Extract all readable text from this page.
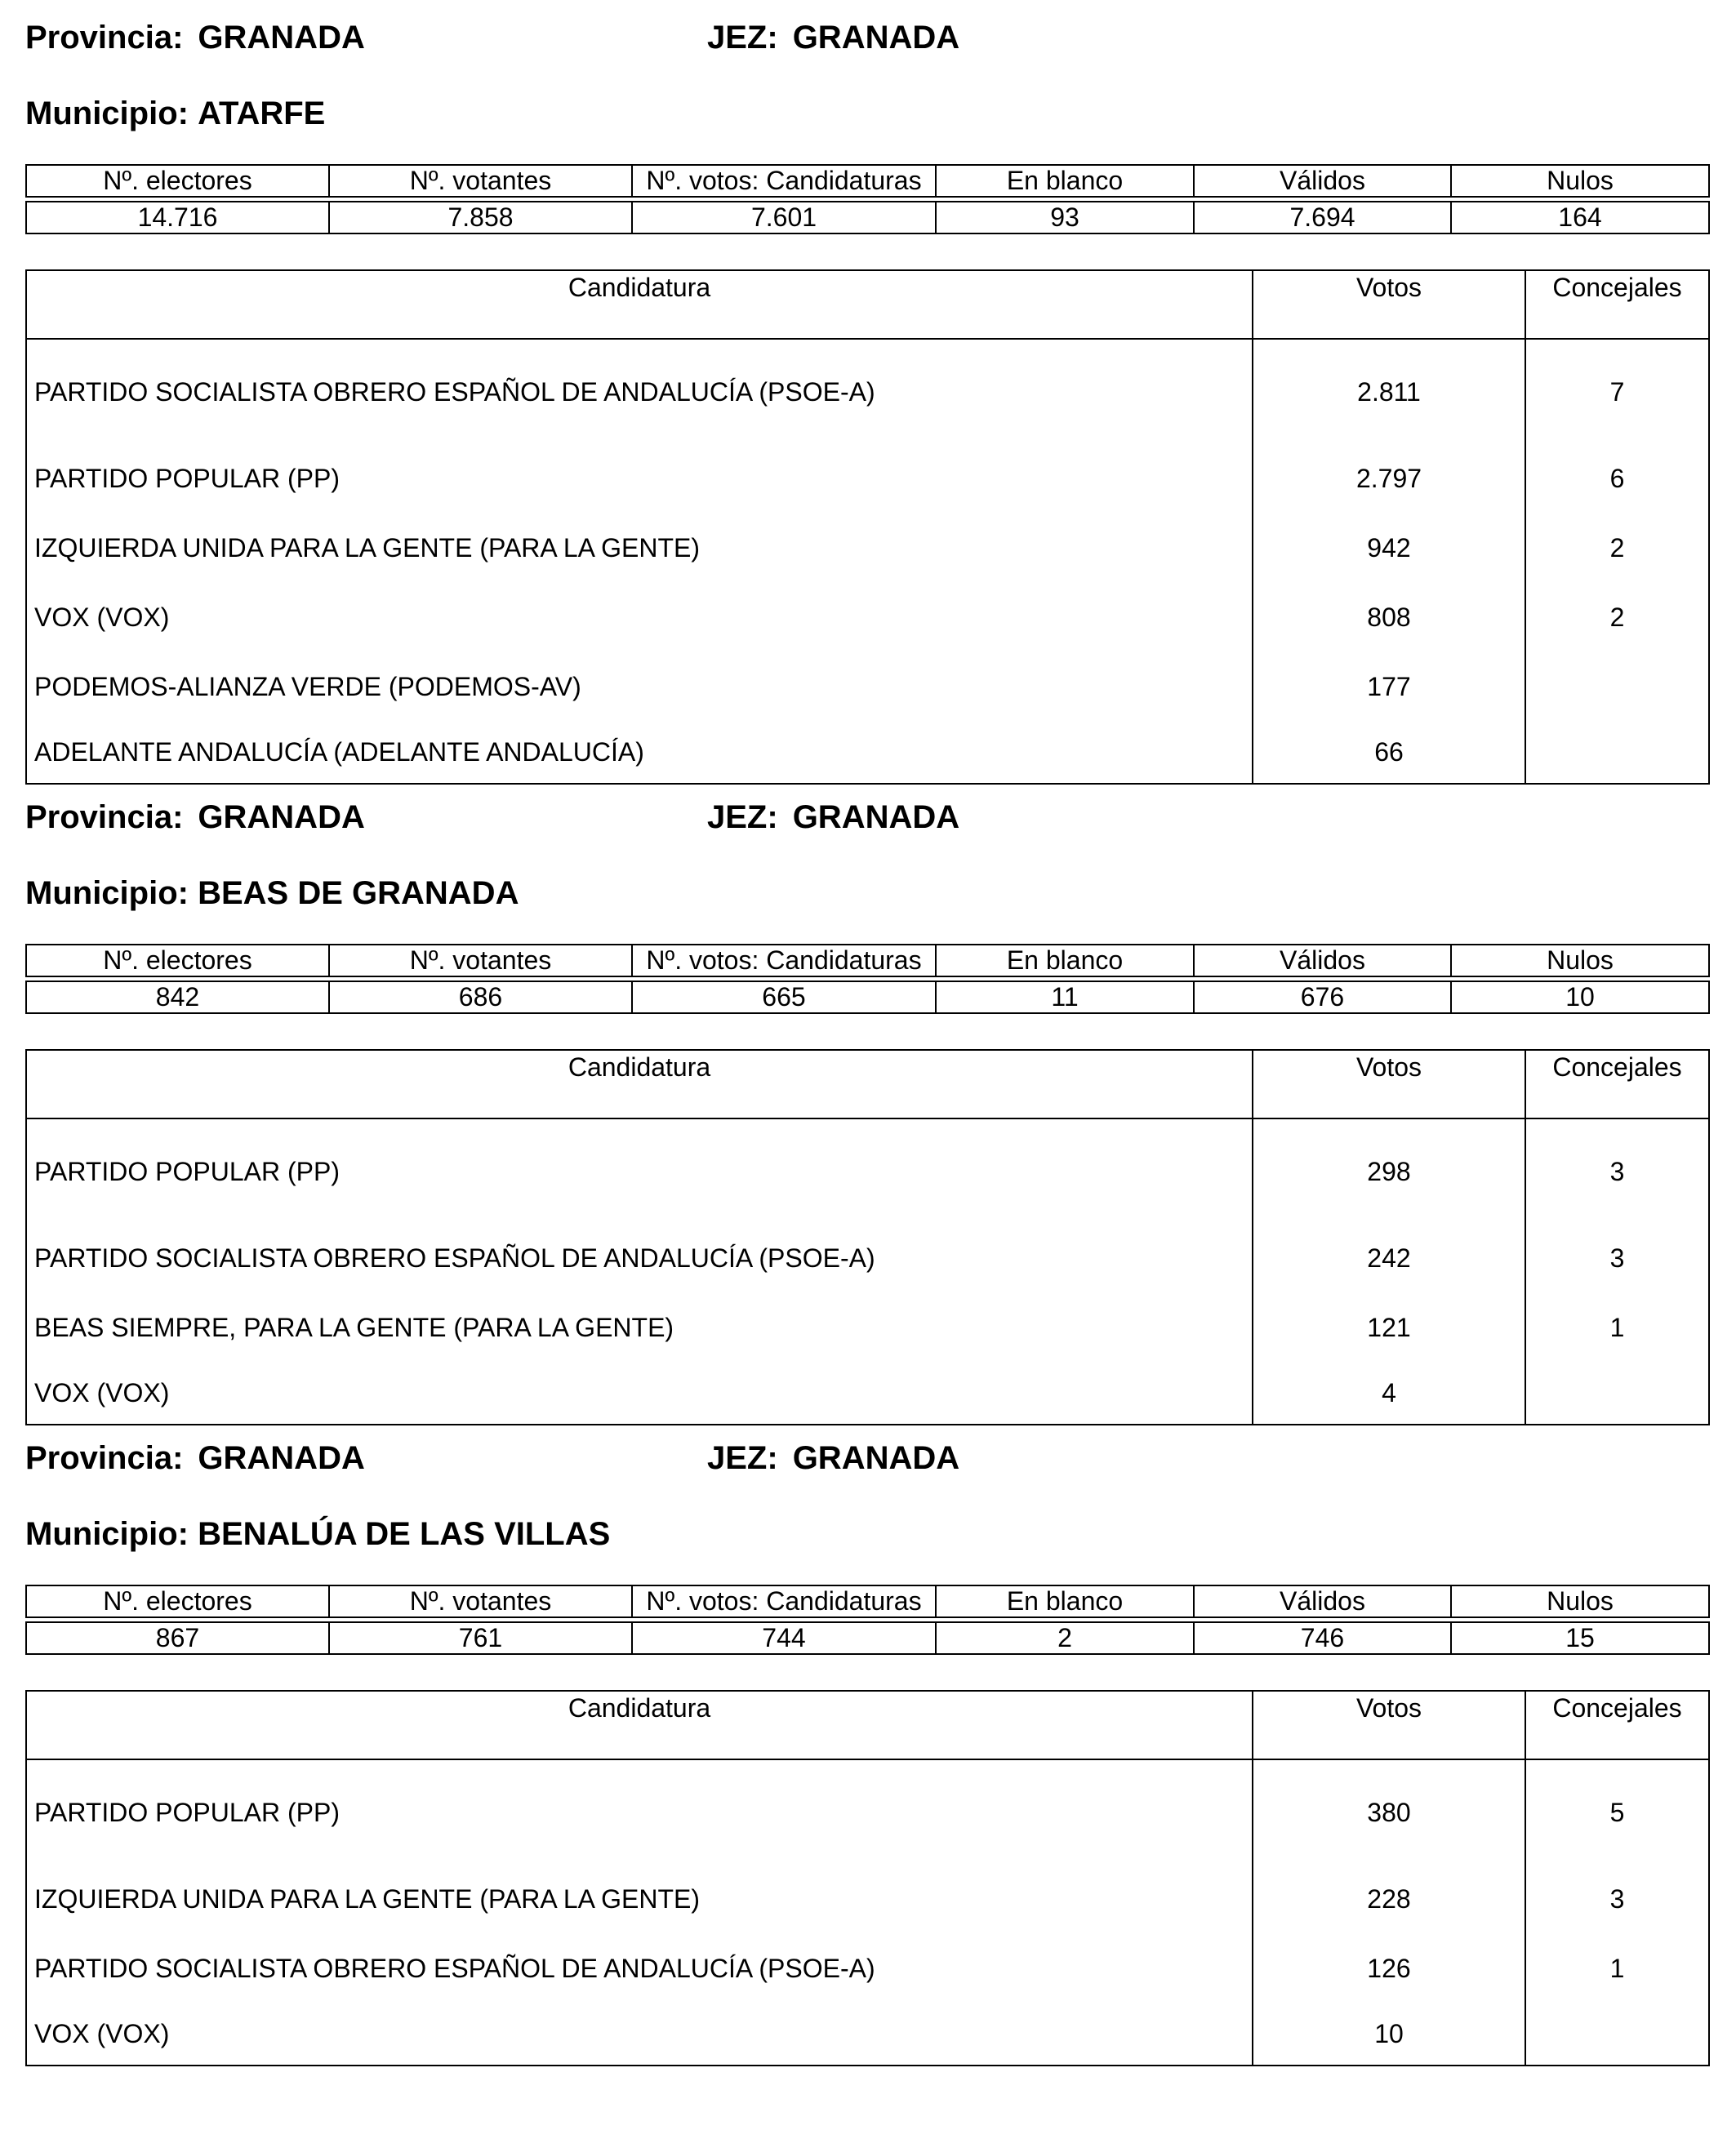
Provincia: GRANADA	JEZ: GRANADA
Municipio: ATARFE
Nº. electores	Nº. votantes	Nº. votos: Candidaturas	En blanco	Válidos	Nulos

14.716	7.858	7.601	93	7.694	164
Candidatura	Votos	Concejales
PARTIDO SOCIALISTA OBRERO ESPAÑOL DE ANDALUCÍA (PSOE-A)	2.811	7
PARTIDO POPULAR (PP)	2.797	6
IZQUIERDA UNIDA PARA LA GENTE (PARA LA GENTE)	942	2
VOX (VOX)	808	2
PODEMOS-ALIANZA VERDE (PODEMOS-AV)	177	
ADELANTE ANDALUCÍA (ADELANTE ANDALUCÍA)	66	
Provincia: GRANADA	JEZ: GRANADA
Municipio: BEAS DE GRANADA
Nº. electores	Nº. votantes	Nº. votos: Candidaturas	En blanco	Válidos	Nulos

842	686	665	11	676	10
Candidatura	Votos	Concejales
PARTIDO POPULAR (PP)	298	3
PARTIDO SOCIALISTA OBRERO ESPAÑOL DE ANDALUCÍA (PSOE-A)	242	3
BEAS SIEMPRE, PARA LA GENTE (PARA LA GENTE)	121	1
VOX (VOX)	4	
Provincia: GRANADA	JEZ: GRANADA
Municipio: BENALÚA DE LAS VILLAS
Nº. electores	Nº. votantes	Nº. votos: Candidaturas	En blanco	Válidos	Nulos

867	761	744	2	746	15
Candidatura	Votos	Concejales
PARTIDO POPULAR (PP)	380	5
IZQUIERDA UNIDA PARA LA GENTE (PARA LA GENTE)	228	3
PARTIDO SOCIALISTA OBRERO ESPAÑOL DE ANDALUCÍA (PSOE-A)	126	1
VOX (VOX)	10	
